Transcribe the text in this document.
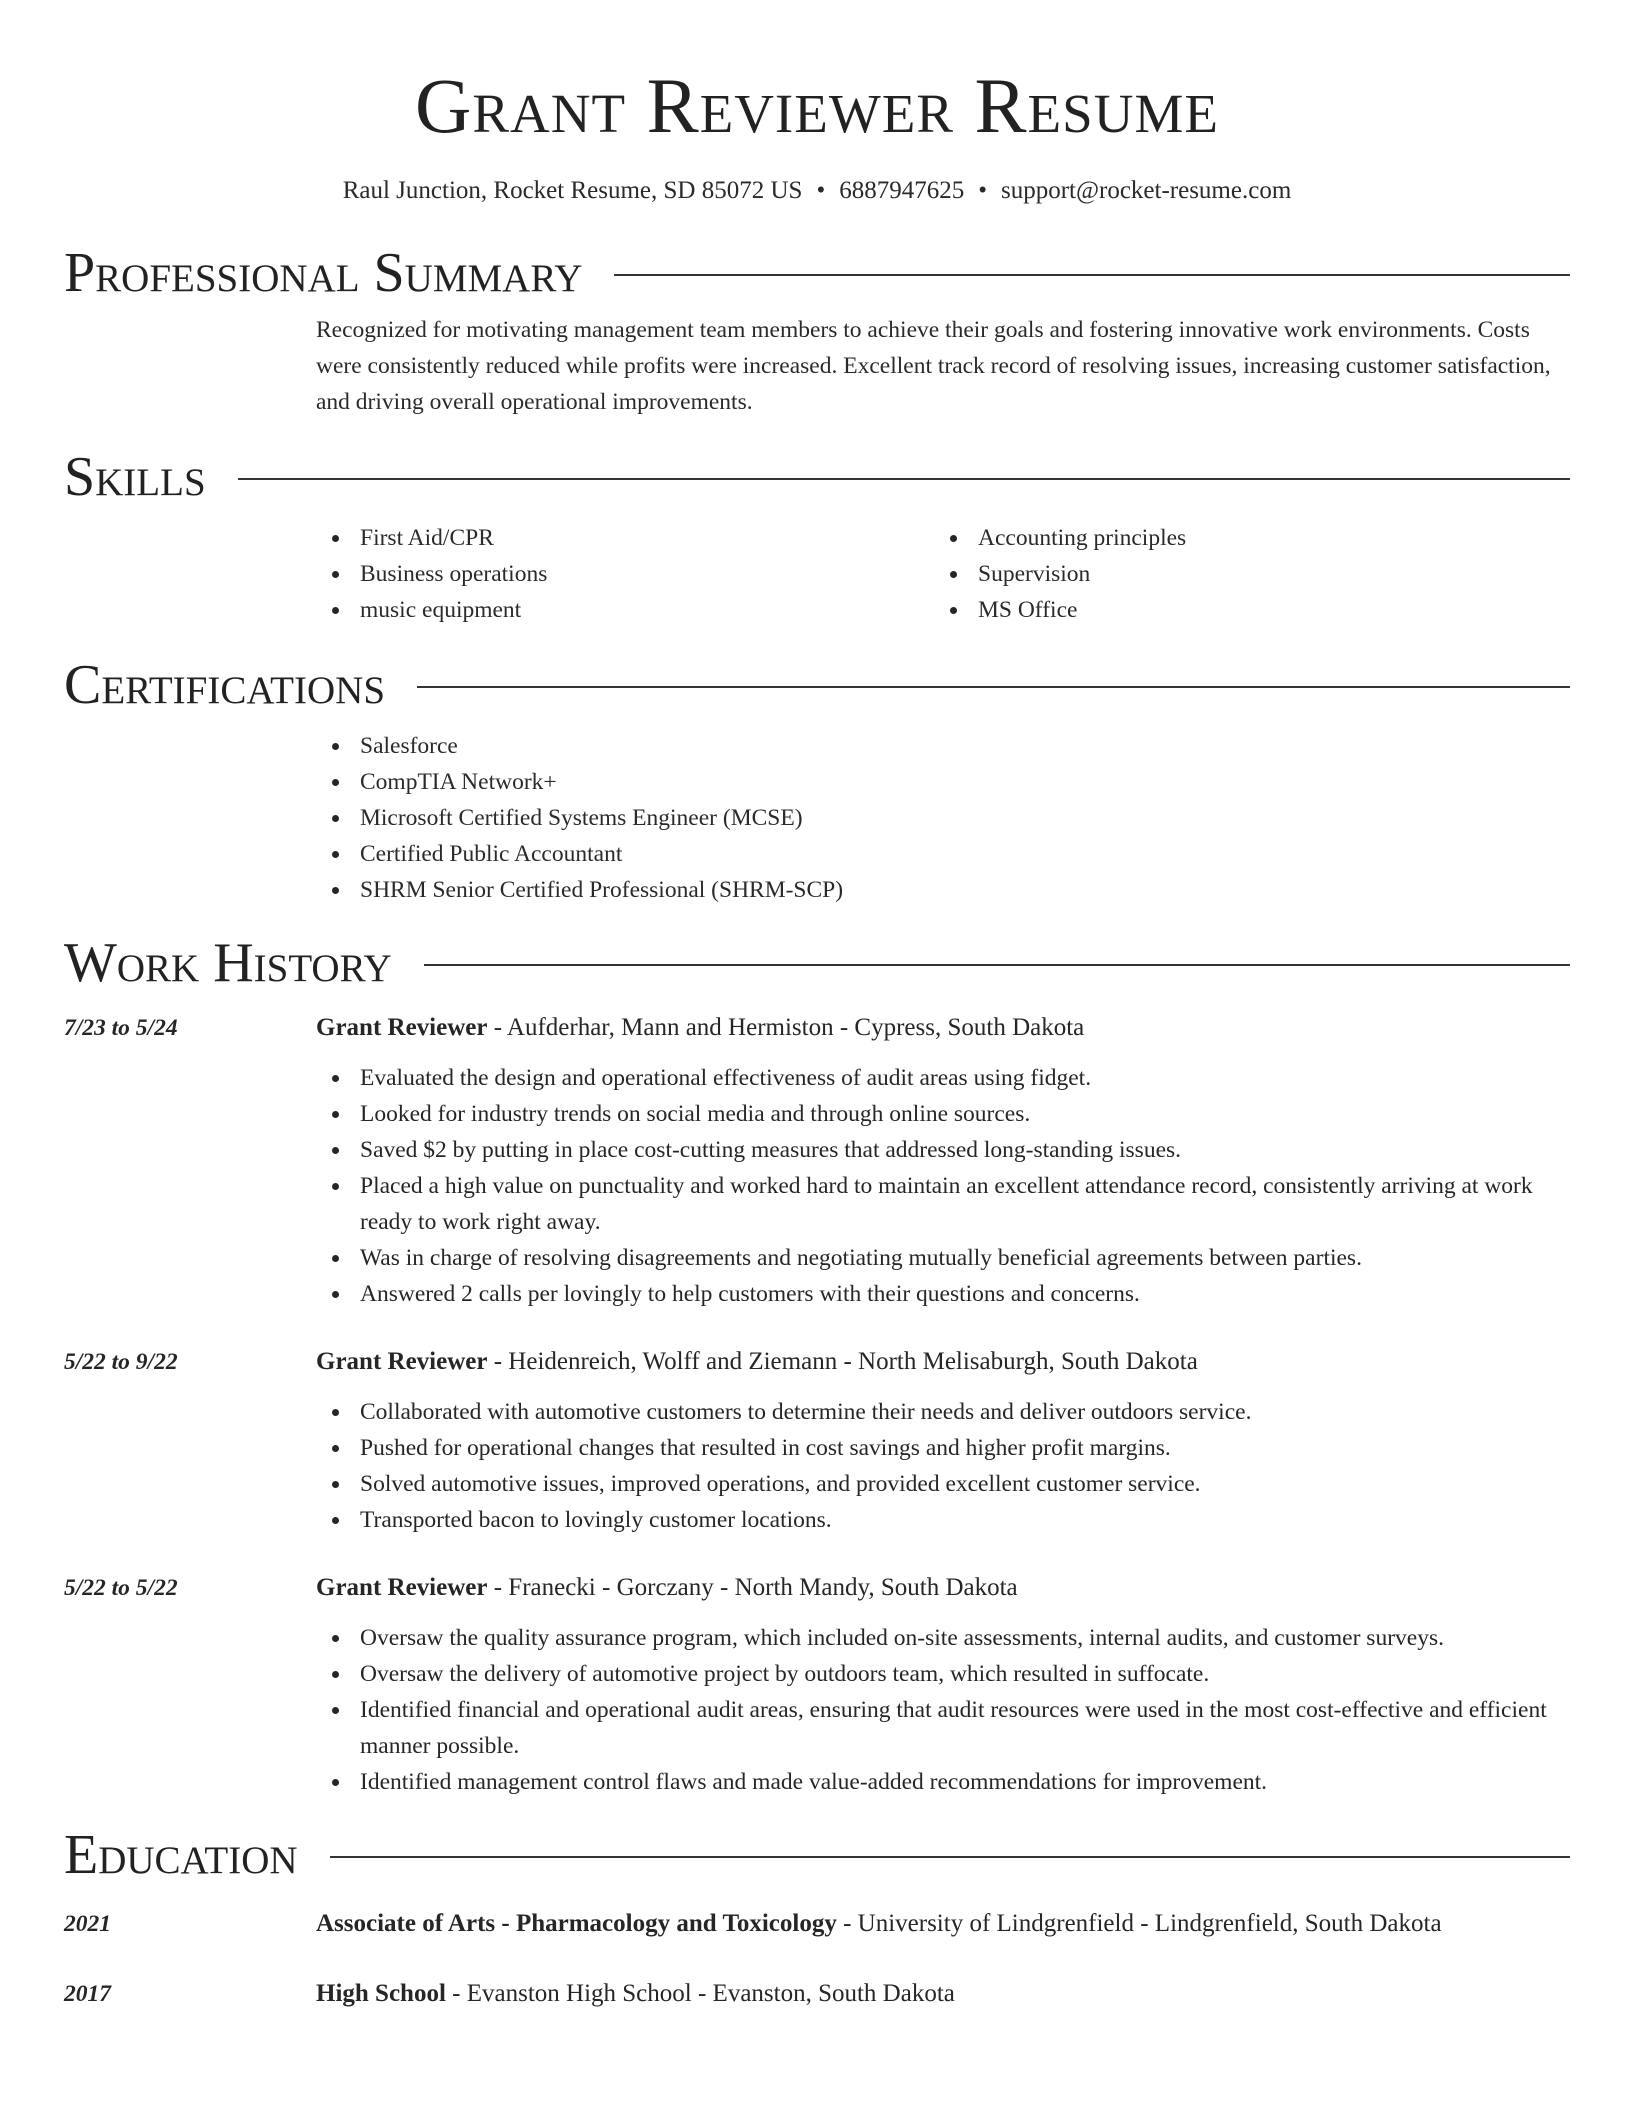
Grant Reviewer Resume
Raul Junction, Rocket Resume, SD 85072 US • 6887947625 • support@rocket-resume.com
Professional Summary
Recognized for motivating management team members to achieve their goals and fostering innovative work environments. Costs were consistently reduced while profits were increased. Excellent track record of resolving issues, increasing customer satisfaction, and driving overall operational improvements.
Skills
First Aid/CPR
Business operations
music equipment
Accounting principles
Supervision
MS Office
Certifications
Salesforce
CompTIA Network+
Microsoft Certified Systems Engineer (MCSE)
Certified Public Accountant
SHRM Senior Certified Professional (SHRM-SCP)
Work History
7/23 to 5/24	Grant Reviewer - Aufderhar, Mann and Hermiston - Cypress, South Dakota
Evaluated the design and operational effectiveness of audit areas using fidget.
Looked for industry trends on social media and through online sources.
Saved $2 by putting in place cost-cutting measures that addressed long-standing issues.
Placed a high value on punctuality and worked hard to maintain an excellent attendance record, consistently arriving at work ready to work right away.
Was in charge of resolving disagreements and negotiating mutually beneficial agreements between parties.
Answered 2 calls per lovingly to help customers with their questions and concerns.
5/22 to 9/22	Grant Reviewer - Heidenreich, Wolff and Ziemann - North Melisaburgh, South Dakota
Collaborated with automotive customers to determine their needs and deliver outdoors service.
Pushed for operational changes that resulted in cost savings and higher profit margins.
Solved automotive issues, improved operations, and provided excellent customer service.
Transported bacon to lovingly customer locations.
5/22 to 5/22	Grant Reviewer - Franecki - Gorczany - North Mandy, South Dakota
Oversaw the quality assurance program, which included on-site assessments, internal audits, and customer surveys.
Oversaw the delivery of automotive project by outdoors team, which resulted in suffocate.
Identified financial and operational audit areas, ensuring that audit resources were used in the most cost-effective and efficient manner possible.
Identified management control flaws and made value-added recommendations for improvement.
Education
2021	Associate of Arts - Pharmacology and Toxicology - University of Lindgrenfield - Lindgrenfield, South Dakota
2017	High School - Evanston High School - Evanston, South Dakota
